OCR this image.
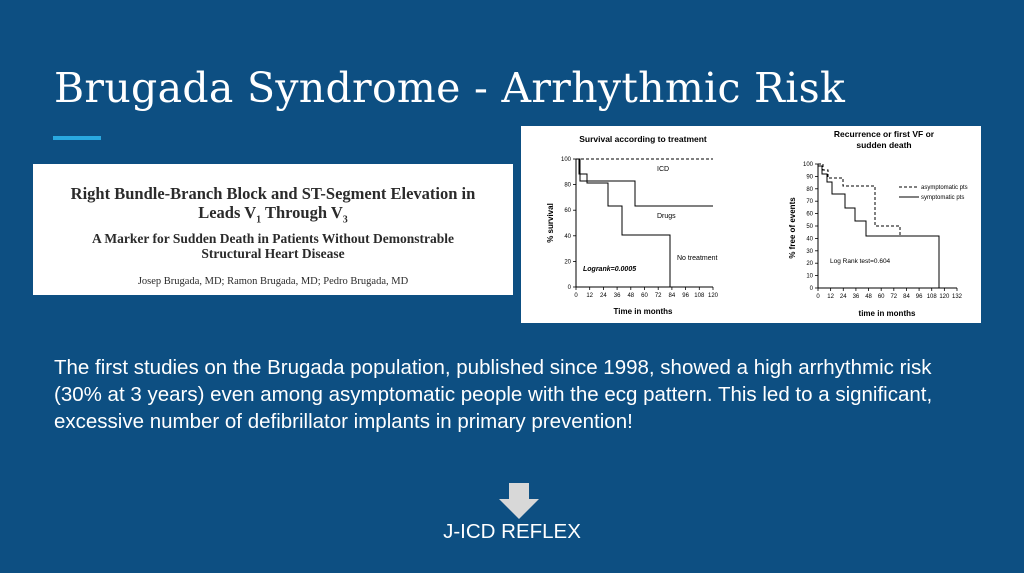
Brugada Syndrome - Arrhythmic Risk
Right Bundle-Branch Block and ST-Segment Elevation in
Leads $V_1$ Through $V_3$
A Marker for Sudden Death in Patients Without Demonstrable
Structural Heart Disease
Josep Brugada, MD; Ramon Brugada, MD; Pedro Brugada, MD
Survival according to treatment
0
20
40
60
80
100
0 12 24 36 48 60 72 84 96 108 120
% survival
Time in months
ICD
Drugs
No treatment
Logrank=0.0005
Recurrence or first VF or
sudden death
0
10
20
30
40
50
60
70
80
90
100
0 12 24 36 48 60 72 84 96 108 120 132
% free of events
time in months
asymptomatic pts
symptomatic pts
Log Rank test=0.604
The first studies on the Brugada population, published since 1998, showed a high arrhythmic risk (30% at 3 years) even among asymptomatic people with the ecg pattern. This led to a significant, excessive number of defibrillator implants in primary prevention!
J-ICD REFLEX
